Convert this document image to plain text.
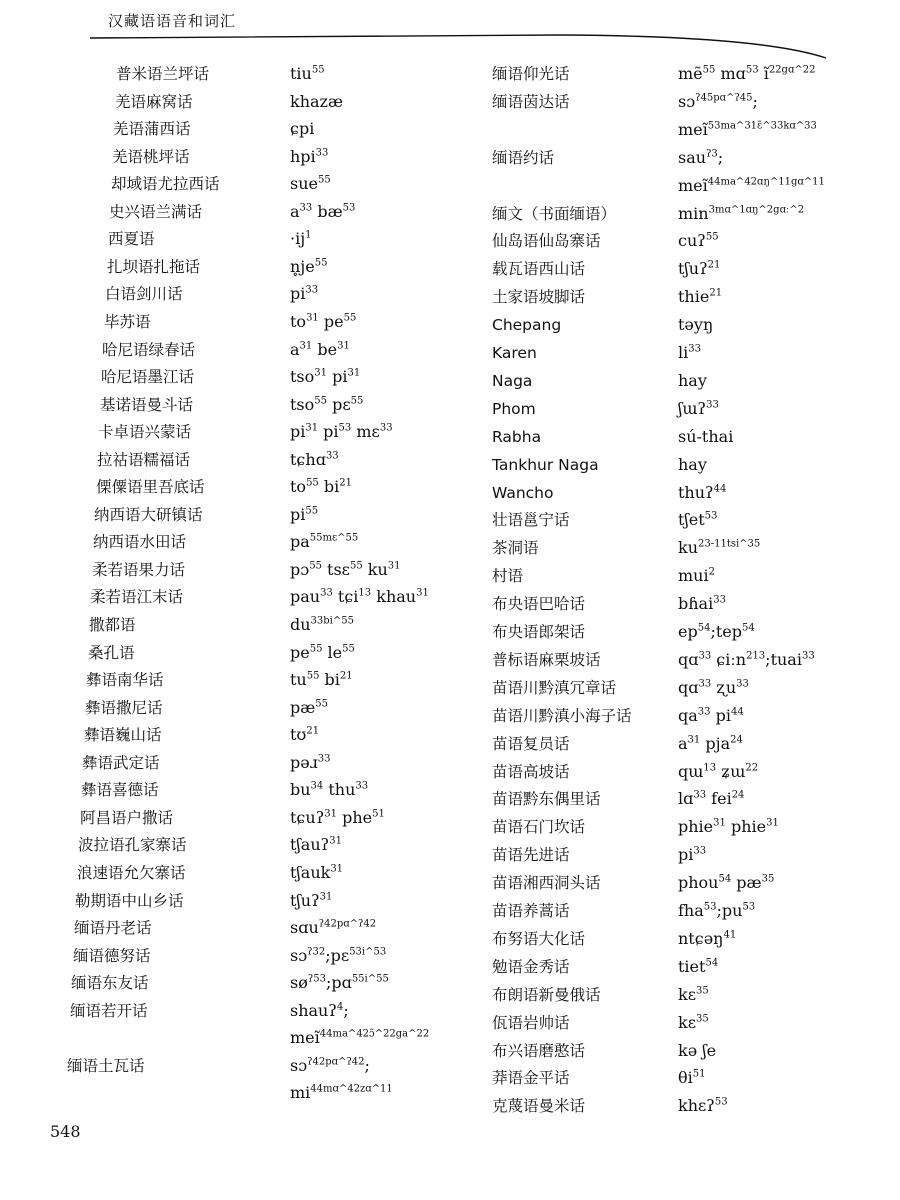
汉藏语语音和词汇
普米语兰坪话	tiu$^{55}$
羌语麻窝话	khazæ
羌语蒲西话	ɕpi
羌语桃坪话	hpi$^{33}$
却域语尤拉西话	sue$^{55}$
史兴语兰满话	$a^{33}$ $bæ^{53}$
西夏语	$\cdot ij^1$
扎坝语扎拖话	$n̥je^{55}$
白语剑川话	$pi^{33}$
毕苏语	$to^{31}$ $pe^{55}$
哈尼语绿春话	$a^{31}$ $be^{31}$
哈尼语墨江话	tso$^{31}$ $pi^{31}$
基诺语曼斗话	tso$^{55}$ pɛ$^{55}$
卡卓语兴蒙话	$pi^{31}$ $pi^{53}$ mɛ$^{33}$
拉祜语糯福话	tɕhɑ$^{33}$
傈僳语里吾底话	$to^{55}$ $bi^{21}$
纳西语大研镇话	$pi^{55}$
纳西语水田话	$pa^{55mɛ\^{}55}$
柔若语果力话	pɔ$^{55}$ tsɛ$^{55}$ $ku^{31}$
柔若语江末话	pau$^{33}$ tɕi$^{13}$ khau$^{31}$
撒都语	$du^{33bi\^{}55}$
桑孔语	$pe^{55}$ $le^{55}$
彝语南华话	$tu^{55}$ $bi^{21}$
彝语撒尼话	$pæ^{55}$
彝语巍山话	tʊ$^{21}$
彝语武定话	pəɹ$^{33}$
彝语喜德话	$bu^{34}$ thu$^{33}$
阿昌语户撒话	tɕuʔ$^{31}$ phe$^{51}$
波拉语孔家寨话	tʃauʔ$^{31}$
浪速语允欠寨话	tʃauk$^{31}$
勒期语中山乡话	tʃuʔ$^{31}$
缅语丹老话	sɑu$^{ʔ42pɑ\^{}ʔ42}$
缅语德努话	sɔ$^{ʔ32}$;pɛ$^{53i\^{}53}$
缅语东友话	$sø^{ʔ53};pɑ^{55i\^{}55}$
缅语若开话	shauʔ$^4$;
meĩ$^{44ma\^{}42ɔ̃\^{}22ga\^{}22}$
缅语土瓦话	sɔ$^{ʔ42pɑ\^{}ʔ42}$;
$mi^{44mɑ\^{}42zɑ\^{}11}$
缅语仰光话	mẽ$^{55}$ mɑ$^{53}$ $ĩ^{22gɑ\^{}22}$
缅语茵达话	sɔ$^{ʔ45pɑ\^{}ʔ45}$;
meĩ$^{53ma\^{}31ɛ̃\^{}33kɑ\^{}33}$
缅语约话	sau$^{ʔ3}$;
meĩ$^{44ma\^{}42ɑŋ\^{}11gɑ\^{}11}$
缅文（书面缅语）	$\min^{3mɑ\^{}1ɑŋ\^{}2gɑː\^{}2}$
仙岛语仙岛寨话	cuʔ$^{55}$
载瓦语西山话	tʃuʔ$^{21}$
土家语坡脚话	thie$^{21}$
Chepang	təyŋ
Karen	$li^{33}$
Naga	hay
Phom	ʃɯʔ$^{33}$
Rabha	sú-thai
Tankhur Naga	hay
Wancho	thuʔ$^{44}$
壮语邕宁话	tʃet$^{53}$
茶洞语	$ku^{23-11tsi\^{}35}$
村语	mui$^2$
布央语巴哈话	bɦai$^{33}$
布央语郎架话	$ep^{54};tep^{54}$
普标语麻栗坡话	qɑ$^{33}$ ɕiːn$^{213}$;tuai$^{33}$
苗语川黔滇冗章话	qɑ$^{33}$ ʐu$^{33}$
苗语川黔滇小海子话	$qa^{33}$ $pi^{44}$
苗语复员话	$a^{31}$ pja$^{24}$
苗语高坡话	qɯ$^{13}$ ʑɯ$^{22}$
苗语黔东偶里话	lɑ$^{33}$ fei$^{24}$
苗语石门坎话	phie$^{31}$ phie$^{31}$
苗语先进话	$pi^{33}$
苗语湘西洞头话	phou$^{54}$ $pæ^{35}$
苗语养蒿话	$fha^{53};pu^{53}$
布努语大化话	ntɕəŋ$^{41}$
勉语金秀话	tiet$^{54}$
布朗语新曼俄话	kɛ$^{35}$
佤语岩帅话	kɛ$^{35}$
布兴语磨憨话	kə ʃe
莽语金平话	$\theta i^{51}$
克蔑语曼米话	khɛʔ$^{53}$
548
